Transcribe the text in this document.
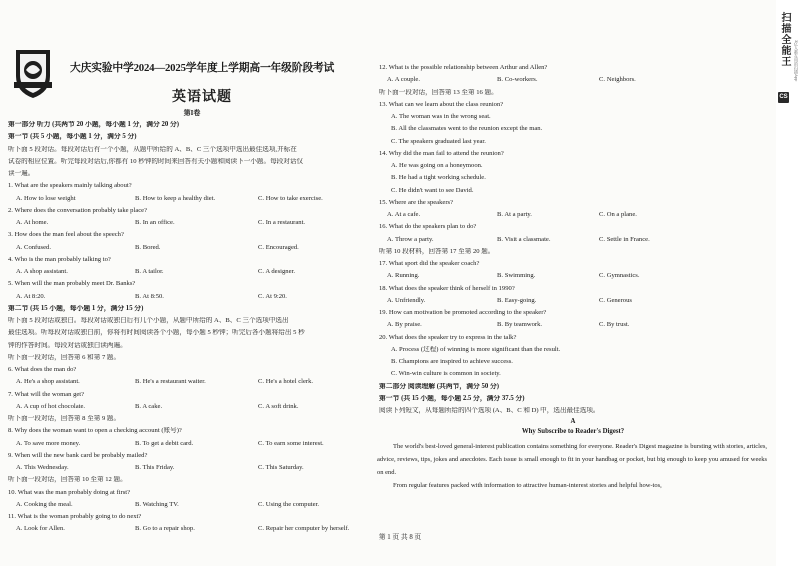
大庆实验中学2024—2025学年度上学期高一年级阶段考试
英语试题
第I卷
第一部分 听力 (共两节 20 小题，每小题 1 分，满分 20 分)
第一节 (共 5 小题，每小题 1 分，满分 5 分)
听下面 5 段对话。每段对话后有一个小题，从题中所给的 A、B、C 三个选项中选出最佳选项,并标在
试卷的相应位置。听完每段对话后,你都有 10 秒钟的时间来回答有关小题和阅读下一小题。每段对话仅
读一遍。
1. What are the speakers mainly talking about?
A. How to lose weight	B. How to keep a healthy diet.	C. How to take exercise.
2. Where does the conversation probably take place?
A. At home.	B. In an office.	C. In a restaurant.
3. How does the man feel about the speech?
A. Confused.	B. Bored.	C. Encouraged.
4. Who is the man probably talking to?
A. A shop assistant.	B. A tailor.	C. A designer.
5. When will the man probably meet Dr. Banks?
A. At 8:20.	B. At 8:50.	C. At 9:20.
第二节 (共 15 小题，每小题 1 分，满分 15 分)
听下面 5 段对话或独白。每段对话或独白后有几个小题，从题中所给的 A、B、C 三个选项中选出
最佳选项。听每段对话或独白前，你将有时间阅读各个小题，每小题 5 秒钟；听完后各小题将给出 5 秒
钟的作答时间。每段对话或独白读两遍。
听下面一段对话，回答第 6 和第 7 题。
6. What does the man do?
A. He's a shop assistant.	B. He's a restaurant waiter.	C. He's a hotel clerk.
7. What will the woman get?
A. A cup of hot chocolate.	B. A cake.	C. A soft drink.
听下面一段对话，回答第 8 至第 9 题。
8. Why does the woman want to open a checking account (账号)?
A. To save more money.	B. To get a debit card.	C. To earn some interest.
9. When will the new bank card be probably mailed?
A. This Wednesday.	B. This Friday.	C. This Saturday.
听下面一段对话，回答第 10 至第 12 题。
10. What was the man probably doing at first?
A. Cooking the meal.	B. Watching TV.	C. Using the computer.
11. What is the woman probably going to do next?
A. Look for Allen.	B. Go to a repair shop.	C. Repair her computer by herself.
12. What is the possible relationship between Arthur and Allen?
A. A couple.	B. Co-workers.	C. Neighbors.
听下面一段对话，回答第 13 至第 16 题。
13. What can we learn about the class reunion?
A. The woman was in the wrong seat.
B. All the classmates went to the reunion except the man.
C. The speakers graduated last year.
14. Why did the man fail to attend the reunion?
A. He was going on a honeymoon.
B. He had a tight working schedule.
C. He didn't want to see David.
15. Where are the speakers?
A. At a cafe.	B. At a party.	C. On a plane.
16. What do the speakers plan to do?
A. Throw a party.	B. Visit a classmate.	C. Settle in France.
听第 10 段材料，回答第 17 至第 20 题。
17. What sport did the speaker coach?
A. Running.	B. Swimming.	C. Gymnastics.
18. What does the speaker think of herself in 1990?
A. Unfriendly.	B. Easy-going.	C. Generous
19. How can motivation be promoted according to the speaker?
A. By praise.	B. By teamwork.	C. By trust.
20. What does the speaker try to express in the talk?
A. Process (过程) of winning is more significant than the result.
B. Champions are inspired to achieve success.
C. Win-win culture is common in society.
第二部分 阅读理解 (共两节，满分 50 分)
第一节 (共 15 小题，每小题 2.5 分，满分 37.5 分)
阅读下列短文，从每题所给的四个选项 (A、B、C 和 D) 中，选出最佳选项。
A
Why Subscribe to Reader's Digest?
The world's best-loved general-interest publication contains something for everyone. Reader's Digest magazine is bursting with stories, articles, advice, reviews, tips, jokes and anecdotes. Each issue is small enough to fit in your handbag or pocket, but big enough to keep you amused for weeks on end.
From regular features packed with information to attractive human-interest stories and helpful how-tos,
第 1 页 共 8 页
扫描全能王	3亿人都在用的扫描App
CS
